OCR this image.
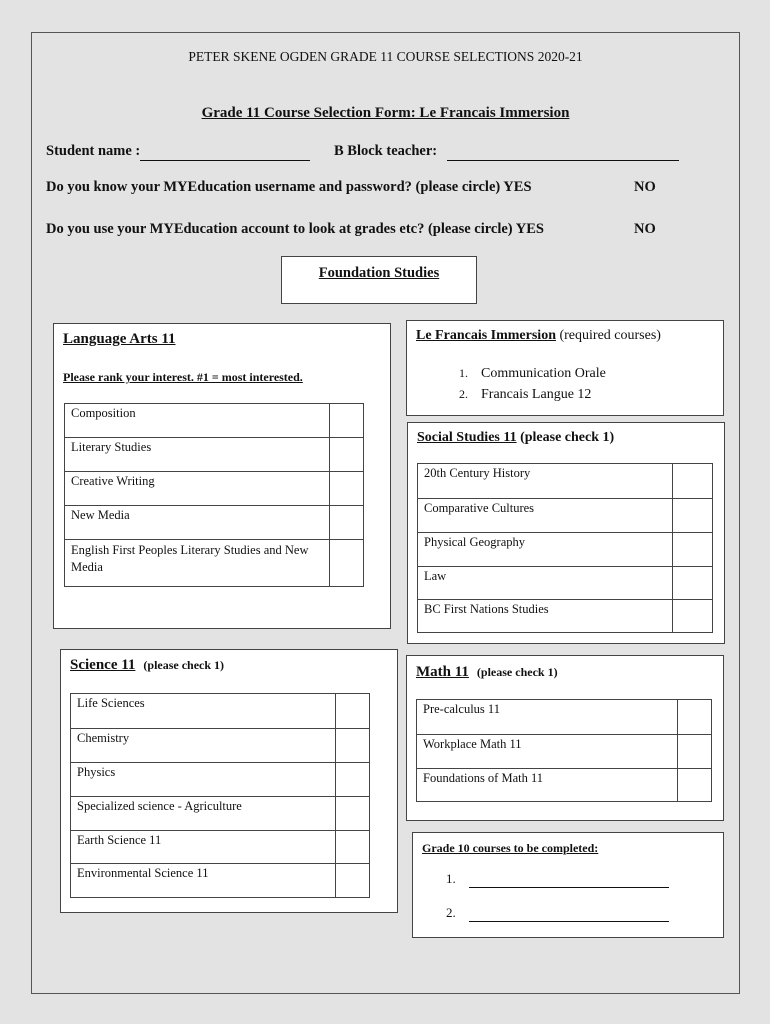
PETER SKENE OGDEN GRADE 11 COURSE SELECTIONS 2020-21
Grade 11 Course Selection Form: Le Francais Immersion
Student name :	B Block teacher:
Do you know your MYEducation username and password? (please circle) YES	NO
Do you use your MYEducation account to look at grades etc? (please circle) YES	NO
Foundation Studies
Language Arts 11
Please rank your interest. #1 = most interested.
Composition	
Literary Studies	
Creative Writing	
New Media	
English First Peoples Literary Studies and New Media	
Le Francais Immersion (required courses)
1. Communication Orale
2. Francais Langue 12
Social Studies 11 (please check 1)
20th Century History	
Comparative Cultures	
Physical Geography	
Law	
BC First Nations Studies	
Science 11 (please check 1)
Life Sciences	
Chemistry	
Physics	
Specialized science - Agriculture	
Earth Science 11	
Environmental Science 11	
Math 11 (please check 1)
Pre-calculus 11	
Workplace Math 11	
Foundations of Math 11	
Grade 10 courses to be completed:
1.
2.
